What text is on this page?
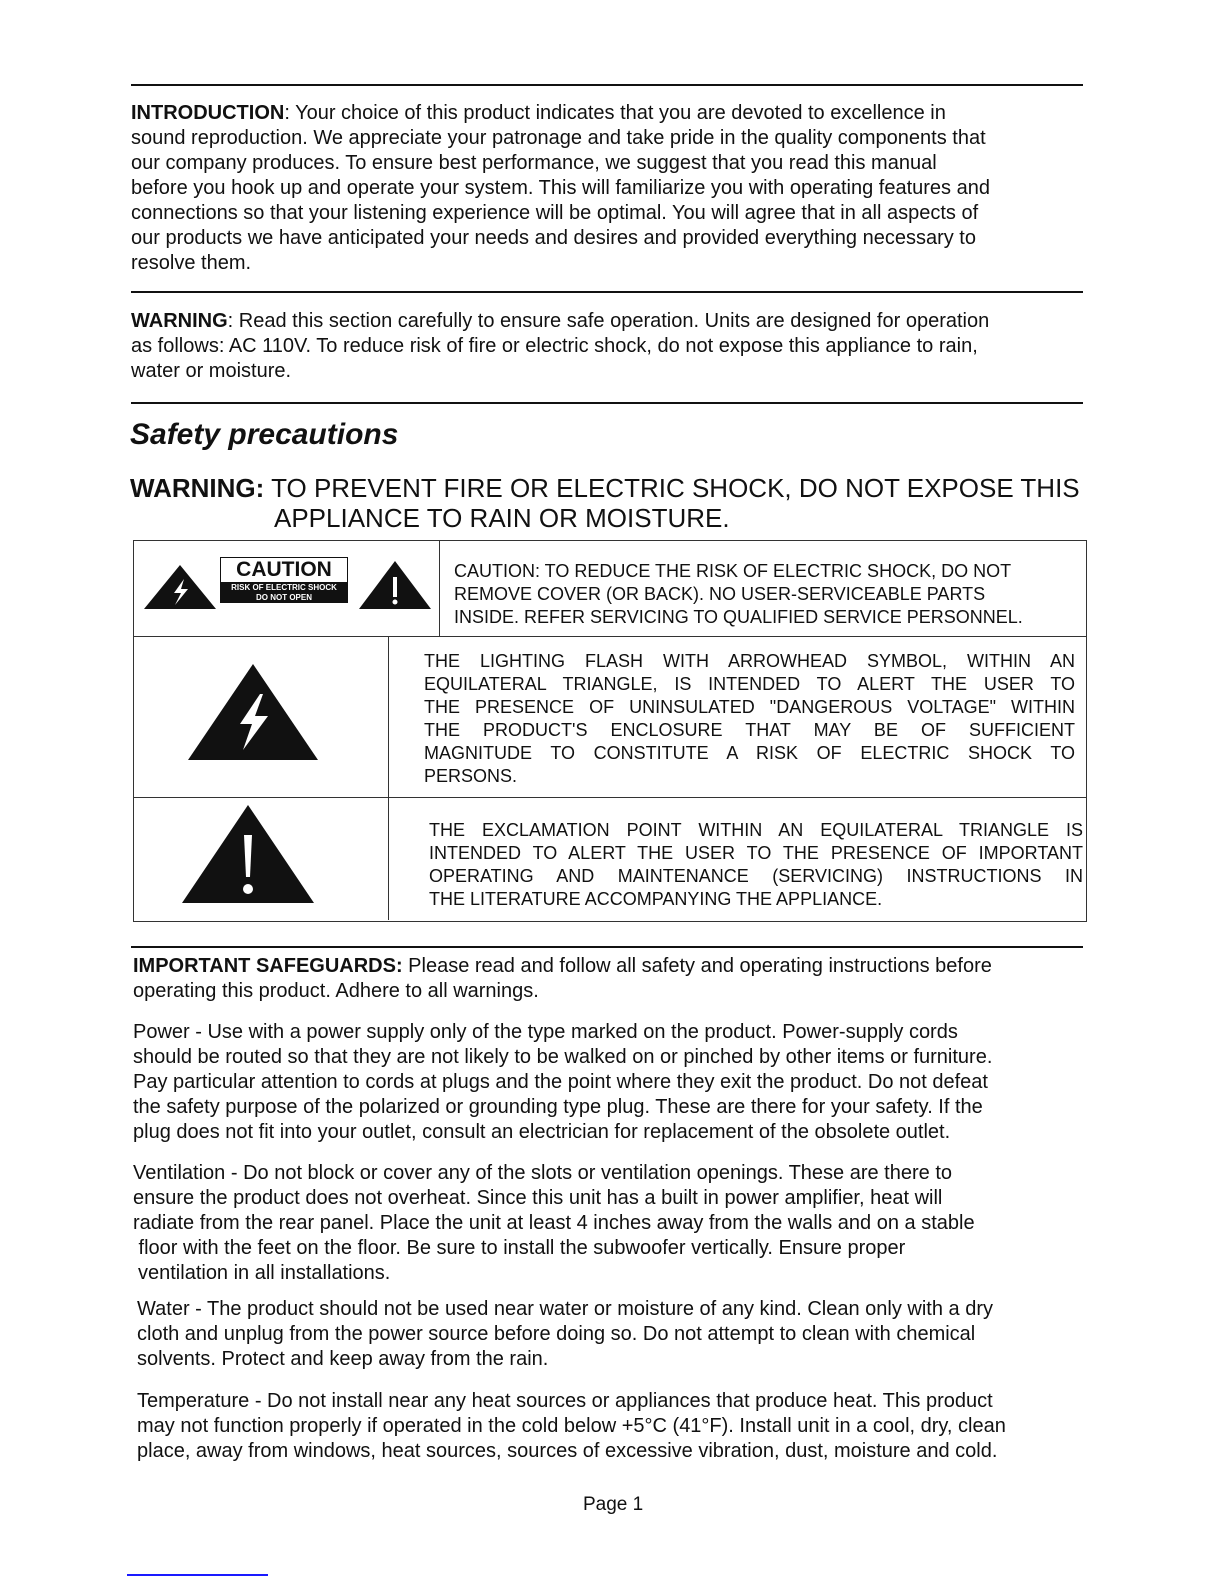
INTRODUCTION: Your choice of this product indicates that you are devoted to excellence in
sound reproduction. We appreciate your patronage and take pride in the quality components that
our company produces. To ensure best performance, we suggest that you read this manual
before you hook up and operate your system. This will familiarize you with operating features and
connections so that your listening experience will be optimal. You will agree that in all aspects of
our products we have anticipated your needs and desires and provided everything necessary to
resolve them.
WARNING: Read this section carefully to ensure safe operation. Units are designed for operation
as follows: AC 110V. To reduce risk of fire or electric shock, do not expose this appliance to rain,
water or moisture.
Safety precautions
WARNING: TO PREVENT FIRE OR ELECTRIC SHOCK, DO NOT EXPOSE THIS
APPLIANCE TO RAIN OR MOISTURE.
CAUTION
RISK OF ELECTRIC SHOCK
DO NOT OPEN
CAUTION: TO REDUCE THE RISK OF ELECTRIC SHOCK, DO NOT
REMOVE COVER (OR BACK). NO USER-SERVICEABLE PARTS
INSIDE. REFER SERVICING TO QUALIFIED SERVICE PERSONNEL.
THE LIGHTING FLASH WITH ARROWHEAD SYMBOL, WITHIN AN
EQUILATERAL TRIANGLE, IS INTENDED TO ALERT THE USER TO
THE PRESENCE OF UNINSULATED "DANGEROUS VOLTAGE" WITHIN
THE PRODUCT'S ENCLOSURE THAT MAY BE OF SUFFICIENT
MAGNITUDE TO CONSTITUTE A RISK OF ELECTRIC SHOCK TO
PERSONS.
THE EXCLAMATION POINT WITHIN AN EQUILATERAL TRIANGLE IS
INTENDED TO ALERT THE USER TO THE PRESENCE OF IMPORTANT
OPERATING AND MAINTENANCE (SERVICING) INSTRUCTIONS IN
THE LITERATURE ACCOMPANYING THE APPLIANCE.
IMPORTANT SAFEGUARDS: Please read and follow all safety and operating instructions before
operating this product. Adhere to all warnings.
Power - Use with a power supply only of the type marked on the product. Power-supply cords
should be routed so that they are not likely to be walked on or pinched by other items or furniture.
Pay particular attention to cords at plugs and the point where they exit the product. Do not defeat
the safety purpose of the polarized or grounding type plug. These are there for your safety. If the
plug does not fit into your outlet, consult an electrician for replacement of the obsolete outlet.
Ventilation - Do not block or cover any of the slots or ventilation openings. These are there to
ensure the product does not overheat. Since this unit has a built in power amplifier, heat will
radiate from the rear panel. Place the unit at least 4 inches away from the walls and on a stable
floor with the feet on the floor. Be sure to install the subwoofer vertically. Ensure proper
ventilation in all installations.
Water - The product should not be used near water or moisture of any kind. Clean only with a dry
cloth and unplug from the power source before doing so. Do not attempt to clean with chemical
solvents. Protect and keep away from the rain.
Temperature - Do not install near any heat sources or appliances that produce heat. This product
may not function properly if operated in the cold below +5°C (41°F). Install unit in a cool, dry, clean
place, away from windows, heat sources, sources of excessive vibration, dust, moisture and cold.
Page 1
